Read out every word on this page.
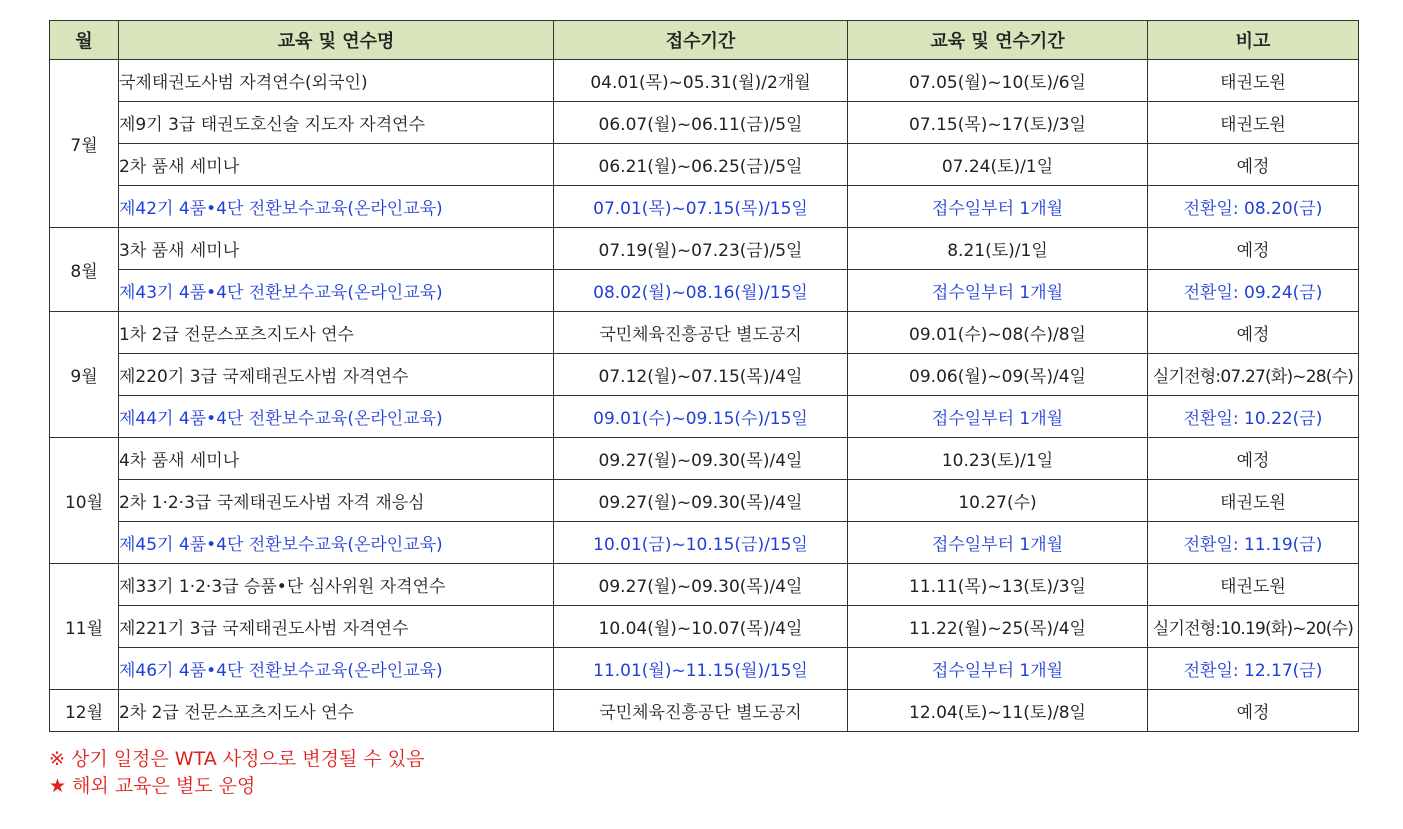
월	교육 및 연수명	접수기간	교육 및 연수기간	비고
7월	국제태권도사범 자격연수(외국인)	04.01(목)~05.31(월)/2개월	07.05(월)~10(토)/6일	태권도원
	제9기 3급 태권도호신술 지도자 자격연수	06.07(월)~06.11(금)/5일	07.15(목)~17(토)/3일	태권도원
	2차 품새 세미나	06.21(월)~06.25(금)/5일	07.24(토)/1일	예정
	제42기 4품•4단 전환보수교육(온라인교육)	07.01(목)~07.15(목)/15일	접수일부터 1개월	전환일: 08.20(금)
8월	3차 품새 세미나	07.19(월)~07.23(금)/5일	8.21(토)/1일	예정
	제43기 4품•4단 전환보수교육(온라인교육)	08.02(월)~08.16(월)/15일	접수일부터 1개월	전환일: 09.24(금)
9월	1차 2급 전문스포츠지도사 연수	국민체육진흥공단 별도공지	09.01(수)~08(수)/8일	예정
	제220기 3급 국제태권도사범 자격연수	07.12(월)~07.15(목)/4일	09.06(월)~09(목)/4일	실기전형:07.27(화)~28(수)
	제44기 4품•4단 전환보수교육(온라인교육)	09.01(수)~09.15(수)/15일	접수일부터 1개월	전환일: 10.22(금)
10월	4차 품새 세미나	09.27(월)~09.30(목)/4일	10.23(토)/1일	예정
	2차 1·2·3급 국제태권도사범 자격 재응심	09.27(월)~09.30(목)/4일	10.27(수)	태권도원
	제45기 4품•4단 전환보수교육(온라인교육)	10.01(금)~10.15(금)/15일	접수일부터 1개월	전환일: 11.19(금)
11월	제33기 1·2·3급 승품•단 심사위원 자격연수	09.27(월)~09.30(목)/4일	11.11(목)~13(토)/3일	태권도원
	제221기 3급 국제태권도사범 자격연수	10.04(월)~10.07(목)/4일	11.22(월)~25(목)/4일	실기전형:10.19(화)~20(수)
	제46기 4품•4단 전환보수교육(온라인교육)	11.01(월)~11.15(월)/15일	접수일부터 1개월	전환일: 12.17(금)
12월	2차 2급 전문스포츠지도사 연수	국민체육진흥공단 별도공지	12.04(토)~11(토)/8일	예정
※ 상기 일정은 WTA 사정으로 변경될 수 있음
★ 해외 교육은 별도 운영
